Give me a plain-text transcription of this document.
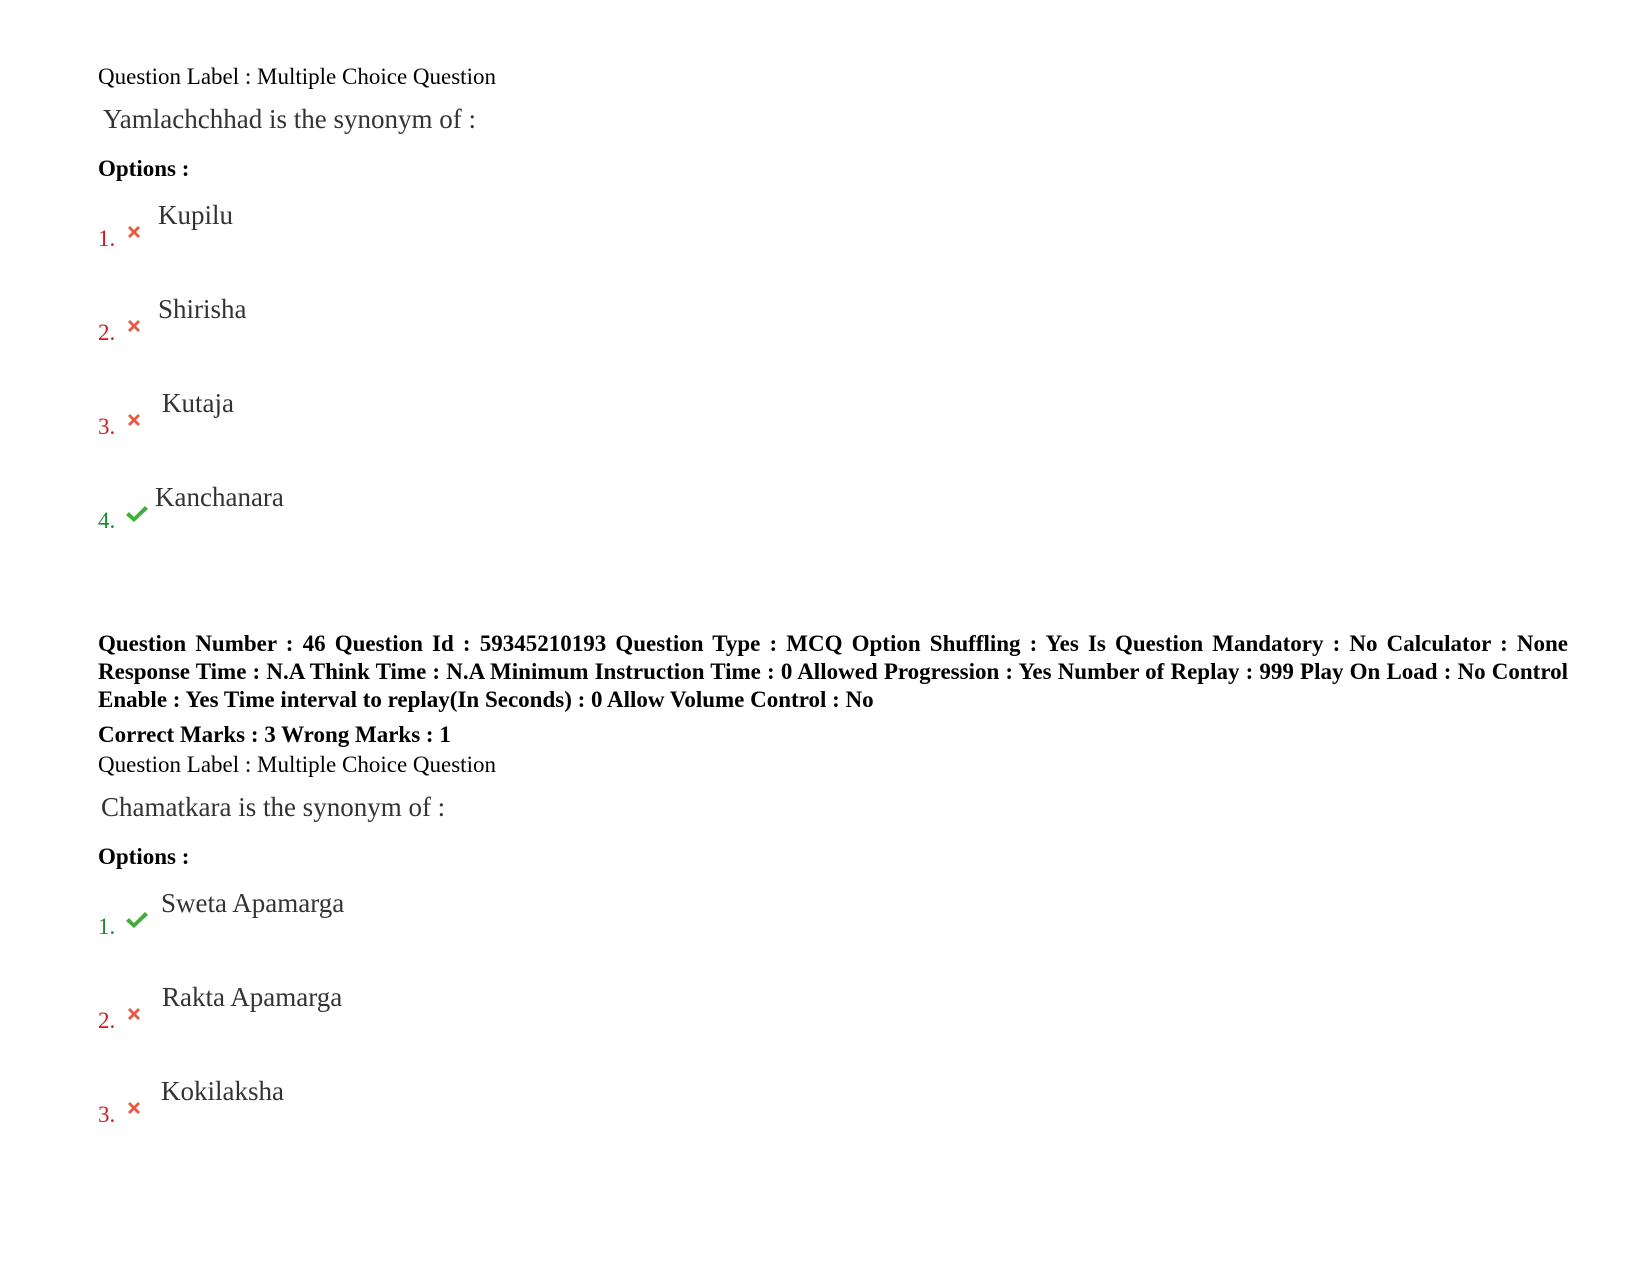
Question Label : Multiple Choice Question
Yamlachchhad is the synonym of :
Options :
Kupilu
1.
Shirisha
2.
Kutaja
3.
Kanchanara
4.
Question Number : 46 Question Id : 59345210193 Question Type : MCQ Option Shuffling : Yes Is Question Mandatory : No Calculator : None Response Time : N.A Think Time : N.A Minimum Instruction Time : 0 Allowed Progression : Yes Number of Replay : 999 Play On Load : No Control Enable : Yes Time interval to replay(In Seconds) : 0 Allow Volume Control : No
Correct Marks : 3 Wrong Marks : 1
Question Label : Multiple Choice Question
Chamatkara is the synonym of :
Options :
Sweta Apamarga
1.
Rakta Apamarga
2.
Kokilaksha
3.
